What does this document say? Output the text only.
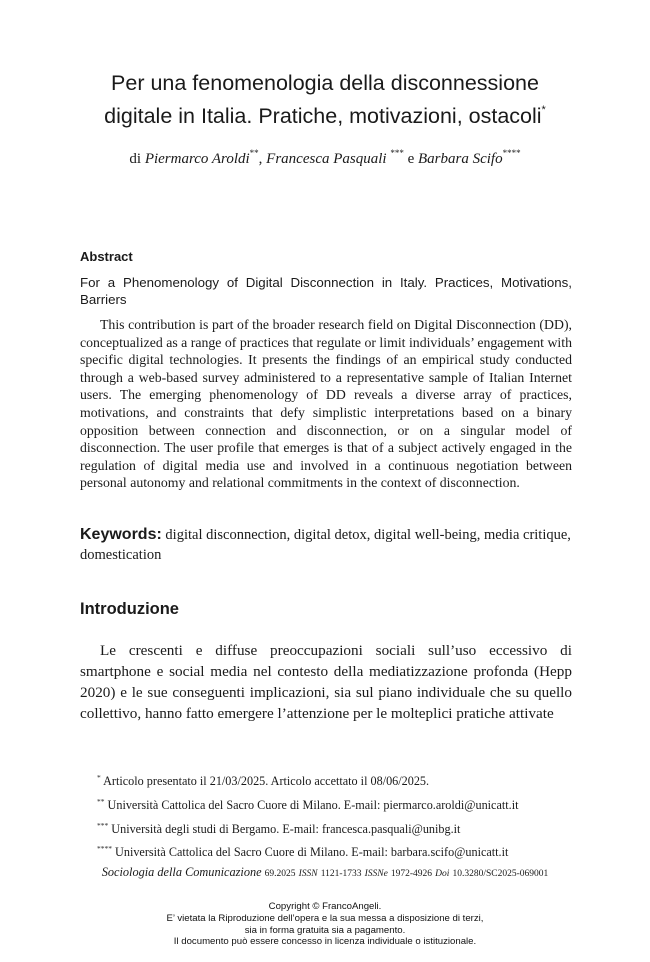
Per una fenomenologia della disconnessione
digitale in Italia. Pratiche, motivazioni, ostacoli*
di Piermarco Aroldi**, Francesca Pasquali *** e Barbara Scifo****
Abstract
For a Phenomenology of Digital Disconnection in Italy. Practices, Motivations, Barriers
This contribution is part of the broader research field on Digital Disconnection (DD), conceptualized as a range of practices that regulate or limit individuals’ engagement with specific digital technologies. It presents the findings of an empirical study conducted through a web-based survey administered to a representative sample of Italian Internet users. The emerging phenomenology of DD reveals a diverse array of practices, motivations, and constraints that defy simplistic interpretations based on a binary opposition between connection and disconnection, or on a singular model of disconnection. The user profile that emerges is that of a subject actively engaged in the regulation of digital media use and involved in a continuous negotiation between personal autonomy and relational commitments in the context of disconnection.
Keywords: digital disconnection, digital detox, digital well-being, media critique, domestication
Introduzione
Le crescenti e diffuse preoccupazioni sociali sull’uso eccessivo di smartphone e social media nel contesto della mediatizzazione profonda (Hepp 2020) e le sue conseguenti implicazioni, sia sul piano individuale che su quello collettivo, hanno fatto emergere l’attenzione per le molteplici pratiche attivate
* Articolo presentato il 21/03/2025. Articolo accettato il 08/06/2025.
** Università Cattolica del Sacro Cuore di Milano. E-mail: piermarco.aroldi@unicatt.it
*** Università degli studi di Bergamo. E-mail: francesca.pasquali@unibg.it
**** Università Cattolica del Sacro Cuore di Milano. E-mail: barbara.scifo@unicatt.it
Sociologia della Comunicazione 69.2025 ISSN 1121-1733 ISSNe 1972-4926 Doi 10.3280/SC2025-069001
Copyright © FrancoAngeli.
E’ vietata la Riproduzione dell’opera e la sua messa a disposizione di terzi,
sia in forma gratuita sia a pagamento.
Il documento può essere concesso in licenza individuale o istituzionale.
